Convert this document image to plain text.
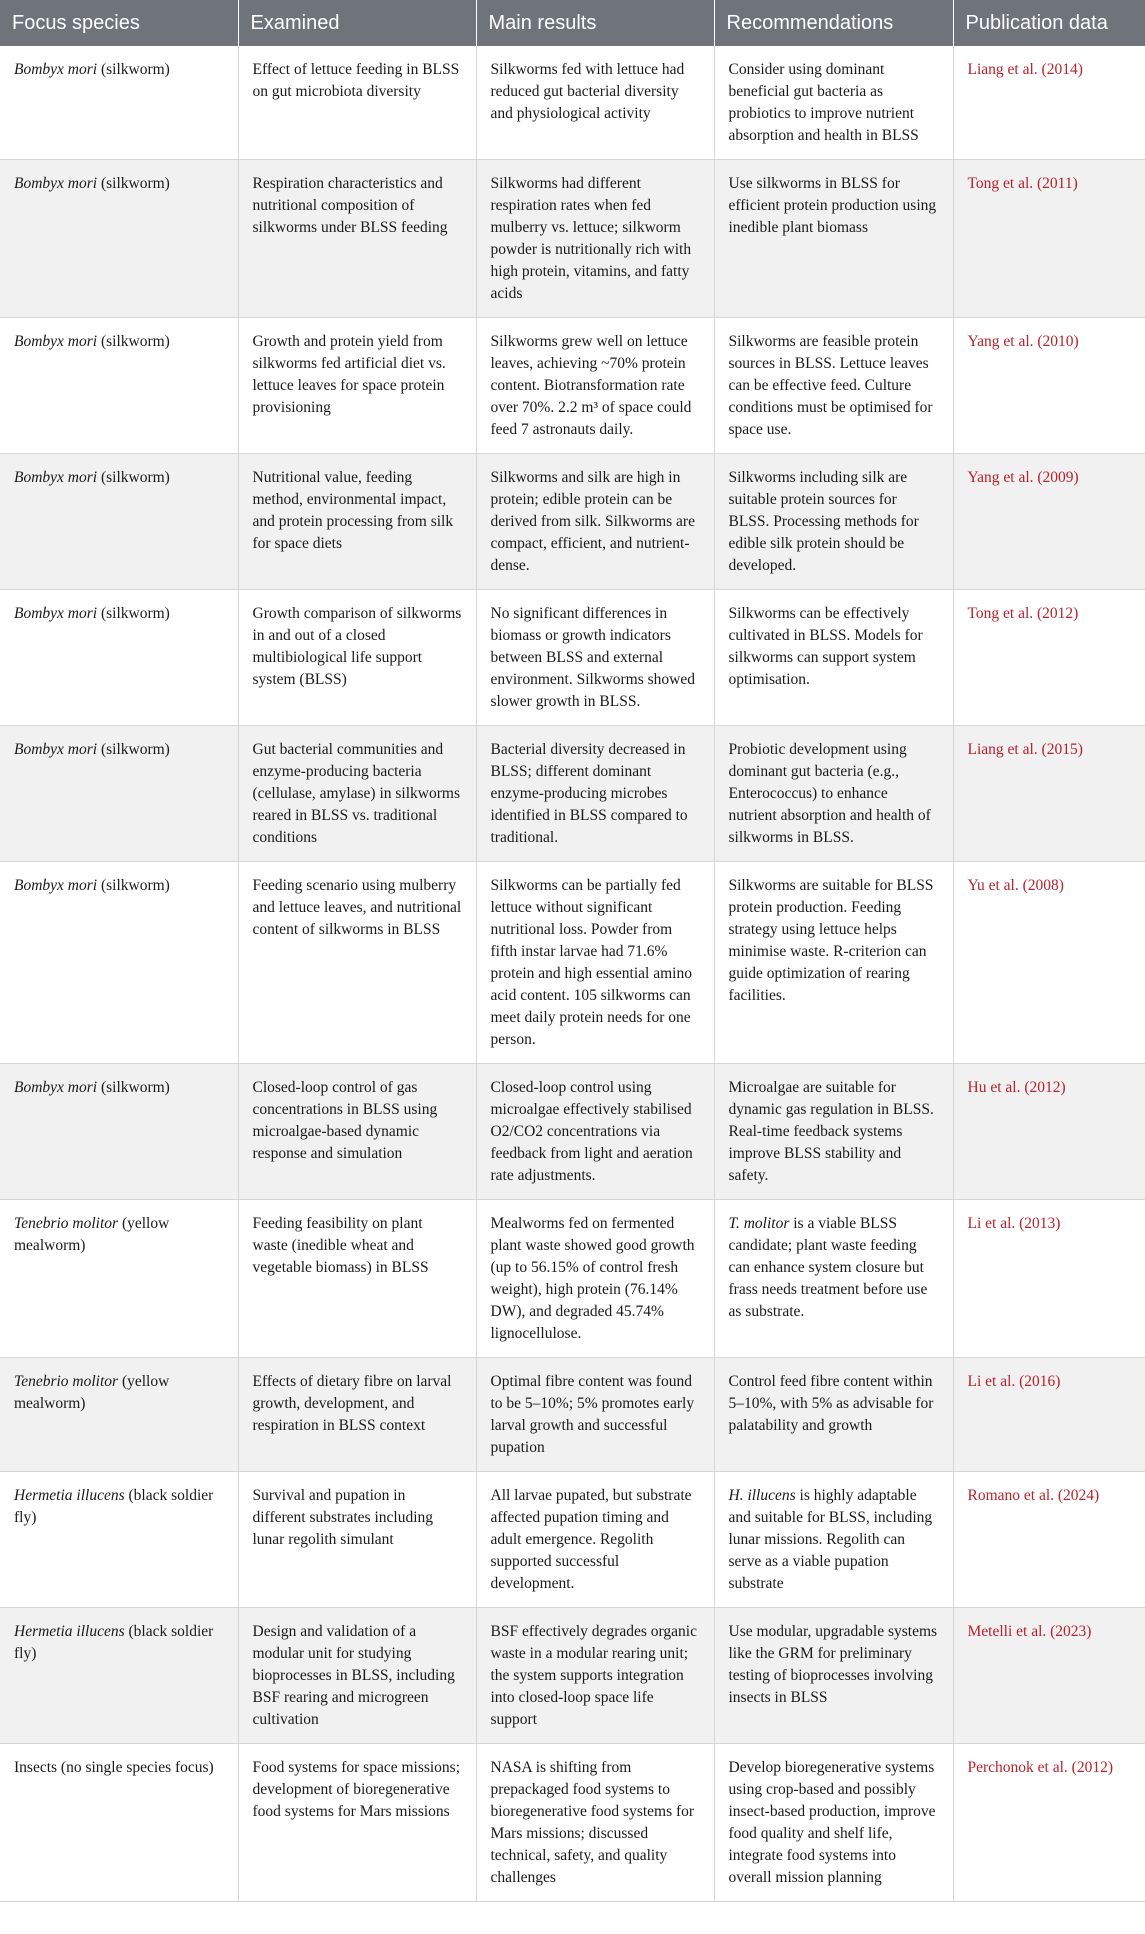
Focus species	Examined	Main results	Recommendations	Publication data
Bombyx mori (silkworm)	Effect of lettuce feeding in BLSS on gut microbiota diversity	Silkworms fed with lettuce had reduced gut bacterial diversity and physiological activity	Consider using dominant beneficial gut bacteria as probiotics to improve nutrient absorption and health in BLSS	Liang et al. (2014)
Bombyx mori (silkworm)	Respiration characteristics and nutritional composition of silkworms under BLSS feeding	Silkworms had different respiration rates when fed mulberry vs. lettuce; silkworm powder is nutritionally rich with high protein, vitamins, and fatty acids	Use silkworms in BLSS for efficient protein production using inedible plant biomass	Tong et al. (2011)
Bombyx mori (silkworm)	Growth and protein yield from silkworms fed artificial diet vs. lettuce leaves for space protein provisioning	Silkworms grew well on lettuce leaves, achieving ~70% protein content. Biotransformation rate over 70%. 2.2 m³ of space could feed 7 astronauts daily.	Silkworms are feasible protein sources in BLSS. Lettuce leaves can be effective feed. Culture conditions must be optimised for space use.	Yang et al. (2010)
Bombyx mori (silkworm)	Nutritional value, feeding method, environmental impact, and protein processing from silk for space diets	Silkworms and silk are high in protein; edible protein can be derived from silk. Silkworms are compact, efficient, and nutrient-dense.	Silkworms including silk are suitable protein sources for BLSS. Processing methods for edible silk protein should be developed.	Yang et al. (2009)
Bombyx mori (silkworm)	Growth comparison of silkworms in and out of a closed multibiological life support system (BLSS)	No significant differences in biomass or growth indicators between BLSS and external environment. Silkworms showed slower growth in BLSS.	Silkworms can be effectively cultivated in BLSS. Models for silkworms can support system optimisation.	Tong et al. (2012)
Bombyx mori (silkworm)	Gut bacterial communities and enzyme-producing bacteria (cellulase, amylase) in silkworms reared in BLSS vs. traditional conditions	Bacterial diversity decreased in BLSS; different dominant enzyme-producing microbes identified in BLSS compared to traditional.	Probiotic development using dominant gut bacteria (e.g., Enterococcus) to enhance nutrient absorption and health of silkworms in BLSS.	Liang et al. (2015)
Bombyx mori (silkworm)	Feeding scenario using mulberry and lettuce leaves, and nutritional content of silkworms in BLSS	Silkworms can be partially fed lettuce without significant nutritional loss. Powder from fifth instar larvae had 71.6% protein and high essential amino acid content. 105 silkworms can meet daily protein needs for one person.	Silkworms are suitable for BLSS protein production. Feeding strategy using lettuce helps minimise waste. R-criterion can guide optimization of rearing facilities.	Yu et al. (2008)
Bombyx mori (silkworm)	Closed-loop control of gas concentrations in BLSS using microalgae-based dynamic response and simulation	Closed-loop control using microalgae effectively stabilised O2/CO2 concentrations via feedback from light and aeration rate adjustments.	Microalgae are suitable for dynamic gas regulation in BLSS. Real-time feedback systems improve BLSS stability and safety.	Hu et al. (2012)
Tenebrio molitor (yellow mealworm)	Feeding feasibility on plant waste (inedible wheat and vegetable biomass) in BLSS	Mealworms fed on fermented plant waste showed good growth (up to 56.15% of control fresh weight), high protein (76.14% DW), and degraded 45.74% lignocellulose.	T. molitor is a viable BLSS candidate; plant waste feeding can enhance system closure but frass needs treatment before use as substrate.	Li et al. (2013)
Tenebrio molitor (yellow mealworm)	Effects of dietary fibre on larval growth, development, and respiration in BLSS context	Optimal fibre content was found to be 5–10%; 5% promotes early larval growth and successful pupation	Control feed fibre content within 5–10%, with 5% as advisable for palatability and growth	Li et al. (2016)
Hermetia illucens (black soldier fly)	Survival and pupation in different substrates including lunar regolith simulant	All larvae pupated, but substrate affected pupation timing and adult emergence. Regolith supported successful development.	H. illucens is highly adaptable and suitable for BLSS, including lunar missions. Regolith can serve as a viable pupation substrate	Romano et al. (2024)
Hermetia illucens (black soldier fly)	Design and validation of a modular unit for studying bioprocesses in BLSS, including BSF rearing and microgreen cultivation	BSF effectively degrades organic waste in a modular rearing unit; the system supports integration into closed-loop space life support	Use modular, upgradable systems like the GRM for preliminary testing of bioprocesses involving insects in BLSS	Metelli et al. (2023)
Insects (no single species focus)	Food systems for space missions; development of bioregenerative food systems for Mars missions	NASA is shifting from prepackaged food systems to bioregenerative food systems for Mars missions; discussed technical, safety, and quality challenges	Develop bioregenerative systems using crop-based and possibly insect-based production, improve food quality and shelf life, integrate food systems into overall mission planning	Perchonok et al. (2012)
